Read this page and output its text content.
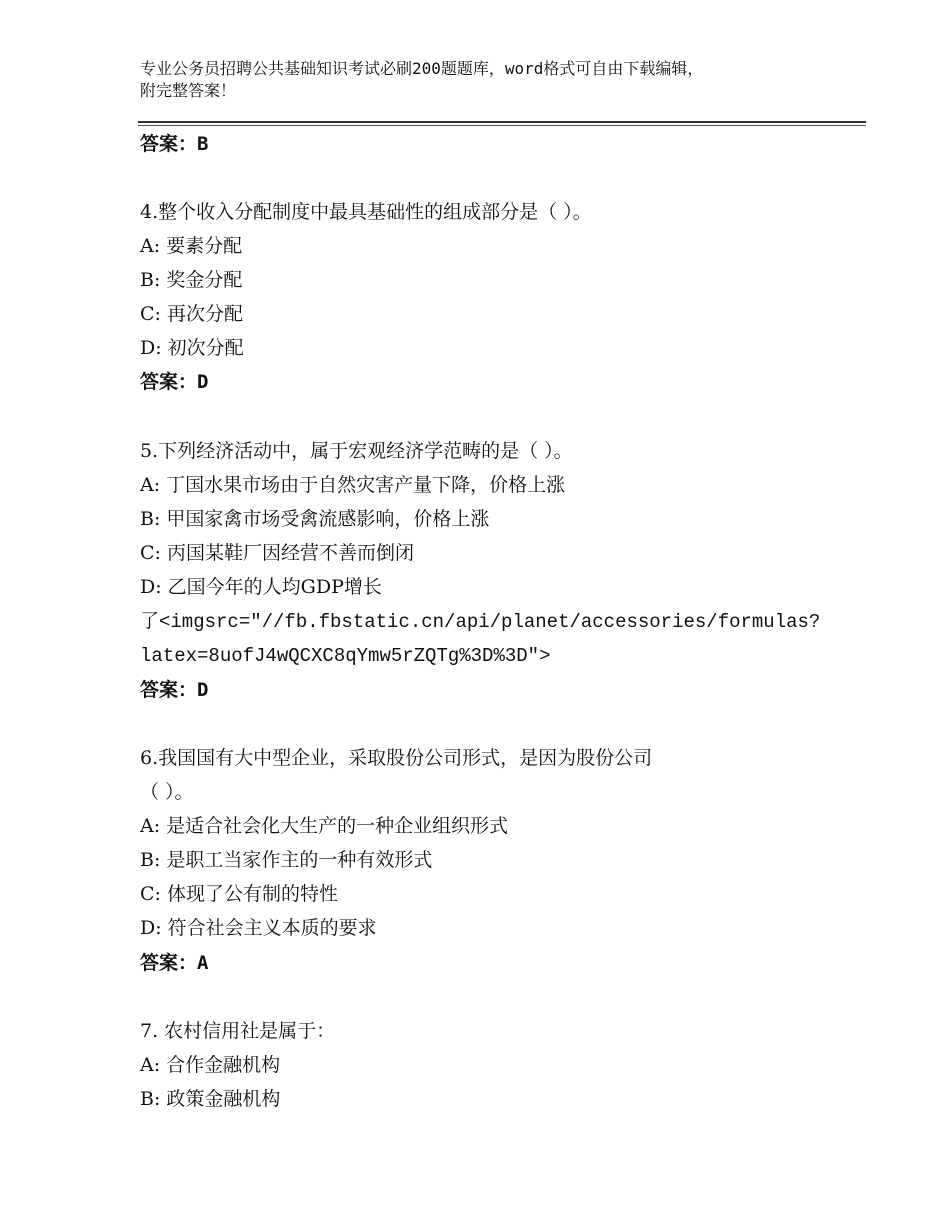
专业公务员招聘公共基础知识考试必刷200题题库，word格式可自由下载编辑，
附完整答案！
答案：B
4.整个收入分配制度中最具基础性的组成部分是（ ）。
A: 要素分配
B: 奖金分配
C: 再次分配
D: 初次分配
答案：D
5.下列经济活动中，属于宏观经济学范畴的是（ ）。
A: 丁国水果市场由于自然灾害产量下降，价格上涨
B: 甲国家禽市场受禽流感影响，价格上涨
C: 丙国某鞋厂因经营不善而倒闭
D: 乙国今年的人均GDP增长
了<imgsrc="//fb.fbstatic.cn/api/planet/accessories/formulas?
latex=8uofJ4wQCXC8qYmw5rZQTg%3D%3D">
答案：D
6.我国国有大中型企业，采取股份公司形式，是因为股份公司
（ ）。
A: 是适合社会化大生产的一种企业组织形式
B: 是职工当家作主的一种有效形式
C: 体现了公有制的特性
D: 符合社会主义本质的要求
答案：A
7. 农村信用社是属于：
A: 合作金融机构
B: 政策金融机构
